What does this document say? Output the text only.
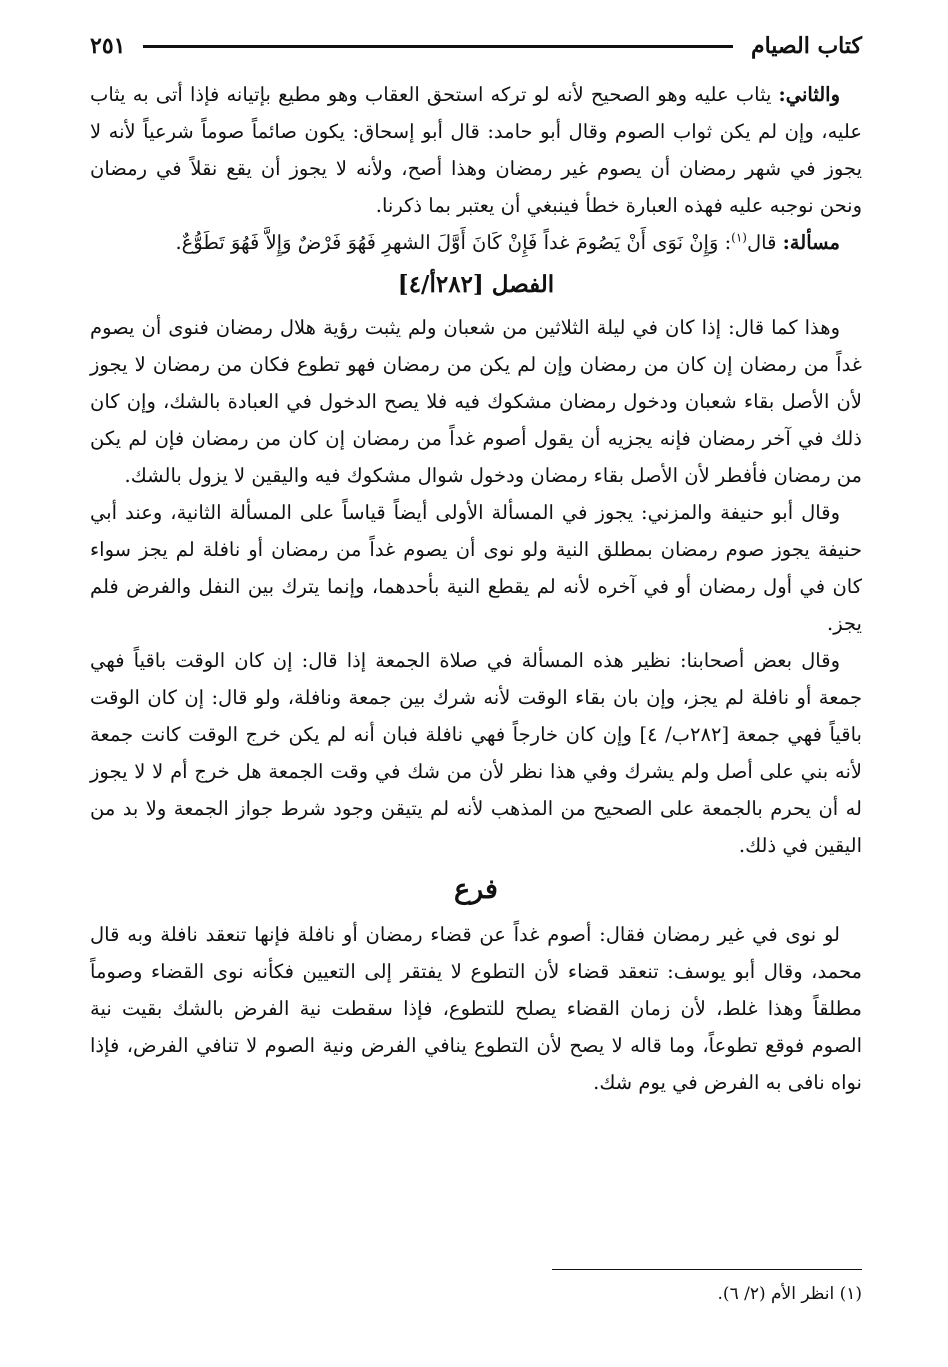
كتاب الصيام
٢٥١

والثاني: يثاب عليه وهو الصحيح لأنه لو تركه استحق العقاب وهو مطيع بإتيانه فإذا أتى به يثاب عليه، وإن لم يكن ثواب الصوم وقال أبو حامد: قال أبو إسحاق: يكون صائماً صوماً شرعياً لأنه لا يجوز في شهر رمضان أن يصوم غير رمضان وهذا أصح، ولأنه لا يجوز أن يقع نقلاً في رمضان ونحن نوجبه عليه فهذه العبارة خطأ فينبغي أن يعتبر بما ذكرنا.

مسألة: قال$^{(١)}$: وَإِنْ نَوَى أَنْ يَصُومَ غداً فَإِنْ كَانَ أَوَّلَ الشهرِ فَهُوَ فَرْضٌ وَإِلاَّ فَهُوَ تَطَوُّعٌ.

الفصل [٢٨٢أ/٤]

وهذا كما قال: إذا كان في ليلة الثلاثين من شعبان ولم يثبت رؤية هلال رمضان فنوى أن يصوم غداً من رمضان إن كان من رمضان وإن لم يكن من رمضان فهو تطوع فكان من رمضان لا يجوز لأن الأصل بقاء شعبان ودخول رمضان مشكوك فيه فلا يصح الدخول في العبادة بالشك، وإن كان ذلك في آخر رمضان فإنه يجزيه أن يقول أصوم غداً من رمضان إن كان من رمضان فإن لم يكن من رمضان فأفطر لأن الأصل بقاء رمضان ودخول شوال مشكوك فيه واليقين لا يزول بالشك.

وقال أبو حنيفة والمزني: يجوز في المسألة الأولى أيضاً قياساً على المسألة الثانية، وعند أبي حنيفة يجوز صوم رمضان بمطلق النية ولو نوى أن يصوم غداً من رمضان أو نافلة لم يجز سواء كان في أول رمضان أو في آخره لأنه لم يقطع النية بأحدهما، وإنما يترك بين النفل والفرض فلم يجز.

وقال بعض أصحابنا: نظير هذه المسألة في صلاة الجمعة إذا قال: إن كان الوقت باقياً فهي جمعة أو نافلة لم يجز، وإن بان بقاء الوقت لأنه شرك بين جمعة ونافلة، ولو قال: إن كان الوقت باقياً فهي جمعة [٢٨٢ب/ ٤] وإن كان خارجاً فهي نافلة فبان أنه لم يكن خرج الوقت كانت جمعة لأنه بني على أصل ولم يشرك وفي هذا نظر لأن من شك في وقت الجمعة هل خرج أم لا لا يجوز له أن يحرم بالجمعة على الصحيح من المذهب لأنه لم يتيقن وجود شرط جواز الجمعة ولا بد من اليقين في ذلك.

فرع

لو نوى في غير رمضان فقال: أصوم غداً عن قضاء رمضان أو نافلة فإنها تنعقد نافلة وبه قال محمد، وقال أبو يوسف: تنعقد قضاء لأن التطوع لا يفتقر إلى التعيين فكأنه نوى القضاء وصوماً مطلقاً وهذا غلط، لأن زمان القضاء يصلح للتطوع، فإذا سقطت نية الفرض بالشك بقيت نية الصوم فوقع تطوعاً، وما قاله لا يصح لأن التطوع ينافي الفرض ونية الصوم لا تنافي الفرض، فإذا نواه نافى به الفرض في يوم شك.

(١) انظر الأم (٢/ ٦).
